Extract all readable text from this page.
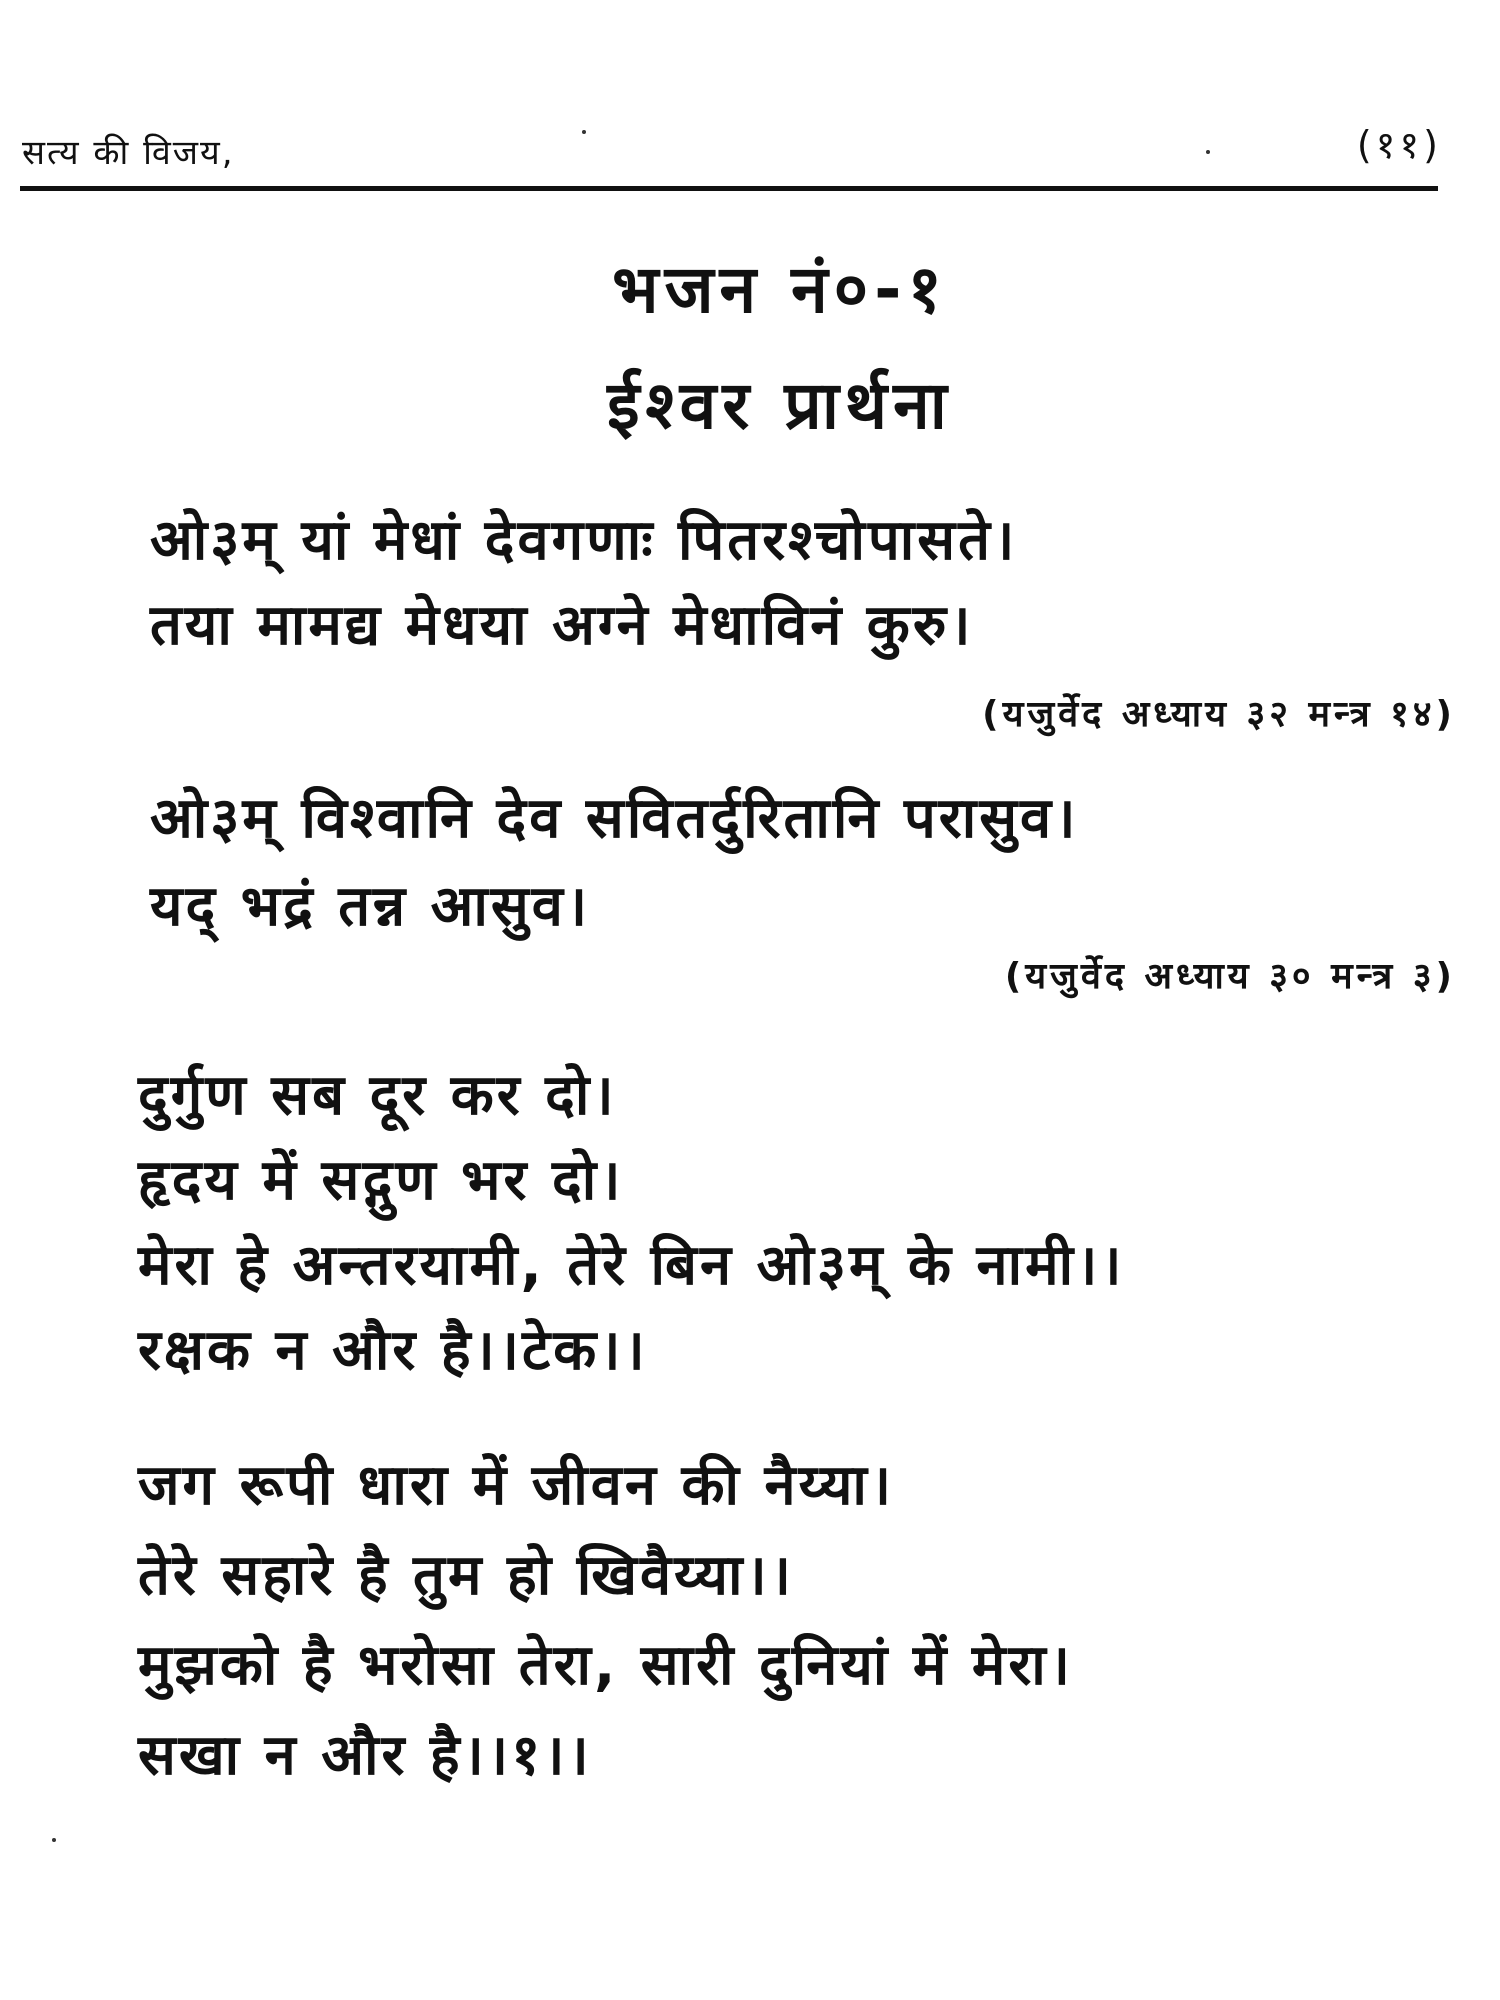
सत्य की विजय,	(११)
भजन नं०-१
ईश्वर प्रार्थना
ओ३म् यां मेधां देवगणाः पितरश्चोपासते।
तया मामद्य मेधया अग्ने मेधाविनं कुरु।
(यजुर्वेद अध्याय ३२ मन्त्र १४)
ओ३म् विश्वानि देव सवितर्दुरितानि परासुव।
यद् भद्रं तन्न आसुव।
(यजुर्वेद अध्याय ३० मन्त्र ३)
दुर्गुण सब दूर कर दो।
हृदय में सद्गुण भर दो।
मेरा हे अन्तरयामी, तेरे बिन ओ३म् के नामी।।
रक्षक न और है।।टेक।।
जग रूपी धारा में जीवन की नैय्या।
तेरे सहारे है तुम हो खिवैय्या।।
मुझको है भरोसा तेरा, सारी दुनियां में मेरा।
सखा न और है।।१।।
